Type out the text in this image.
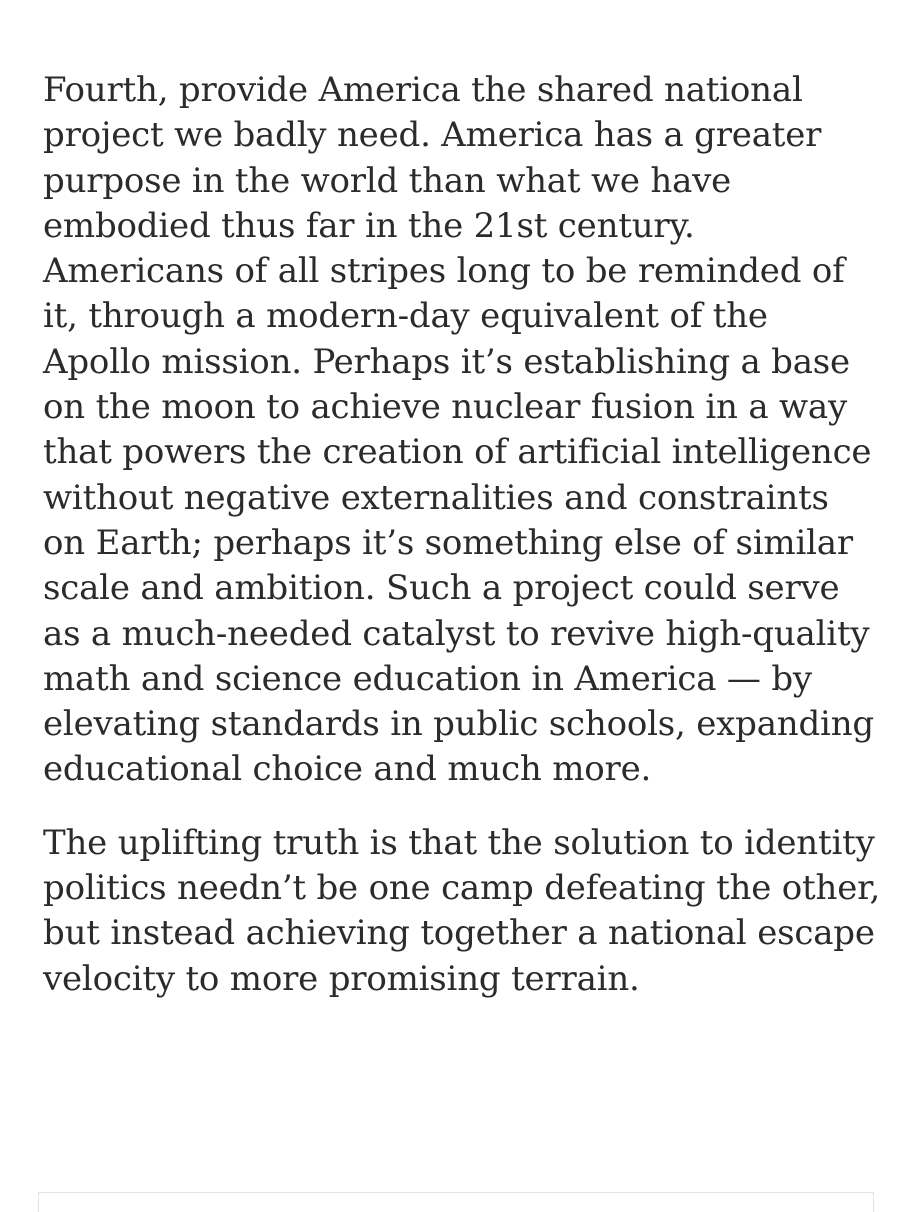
Fourth, provide America the shared national
project we badly need. America has a greater
purpose in the world than what we have
embodied thus far in the 21st century.
Americans of all stripes long to be reminded of
it, through a modern-day equivalent of the
Apollo mission. Perhaps it’s establishing a base
on the moon to achieve nuclear fusion in a way
that powers the creation of artificial intelligence
without negative externalities and constraints
on Earth; perhaps it’s something else of similar
scale and ambition. Such a project could serve
as a much-needed catalyst to revive high-quality
math and science education in America — by
elevating standards in public schools, expanding
educational choice and much more.

The uplifting truth is that the solution to identity
politics needn’t be one camp defeating the other,
but instead achieving together a national escape
velocity to more promising terrain.
